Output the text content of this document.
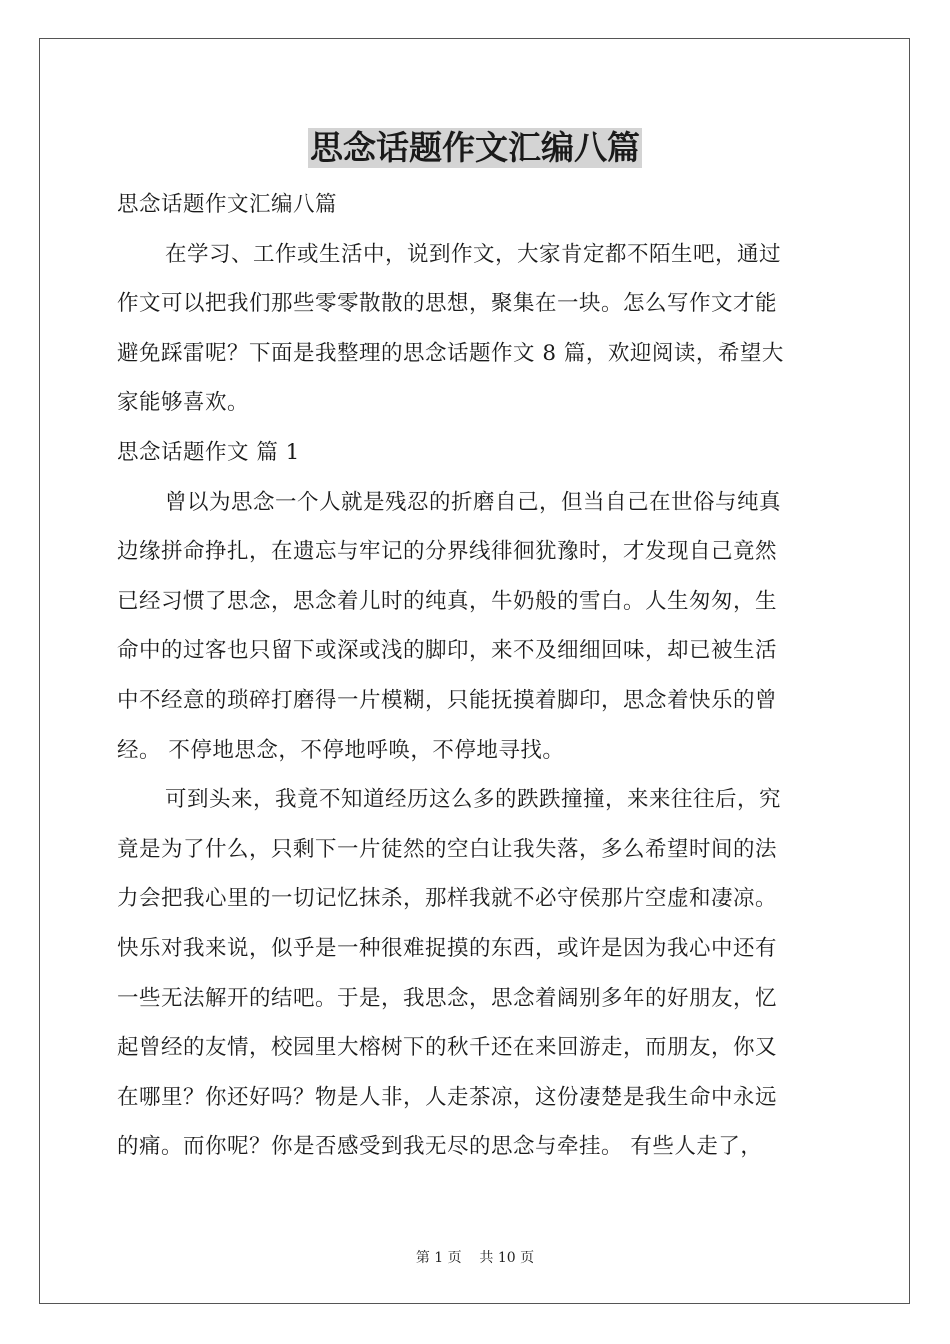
思念话题作文汇编八篇
思念话题作文汇编八篇
在学习、工作或生活中，说到作文，大家肯定都不陌生吧，通过
作文可以把我们那些零零散散的思想，聚集在一块。怎么写作文才能
避免踩雷呢？下面是我整理的思念话题作文 8 篇，欢迎阅读，希望大
家能够喜欢。
思念话题作文 篇 1
曾以为思念一个人就是残忍的折磨自己，但当自己在世俗与纯真
边缘拼命挣扎，在遗忘与牢记的分界线徘徊犹豫时，才发现自己竟然
已经习惯了思念，思念着儿时的纯真，牛奶般的雪白。人生匆匆，生
命中的过客也只留下或深或浅的脚印，来不及细细回味，却已被生活
中不经意的琐碎打磨得一片模糊，只能抚摸着脚印，思念着快乐的曾
经。 不停地思念，不停地呼唤，不停地寻找。
可到头来，我竟不知道经历这么多的跌跌撞撞，来来往往后，究
竟是为了什么，只剩下一片徒然的空白让我失落，多么希望时间的法
力会把我心里的一切记忆抹杀，那样我就不必守侯那片空虚和凄凉。
快乐对我来说，似乎是一种很难捉摸的东西，或许是因为我心中还有
一些无法解开的结吧。于是，我思念，思念着阔别多年的好朋友，忆
起曾经的友情，校园里大榕树下的秋千还在来回游走，而朋友，你又
在哪里？你还好吗？物是人非，人走茶凉，这份凄楚是我生命中永远
的痛。而你呢？你是否感受到我无尽的思念与牵挂。 有些人走了，
第 1 页    共 10 页
